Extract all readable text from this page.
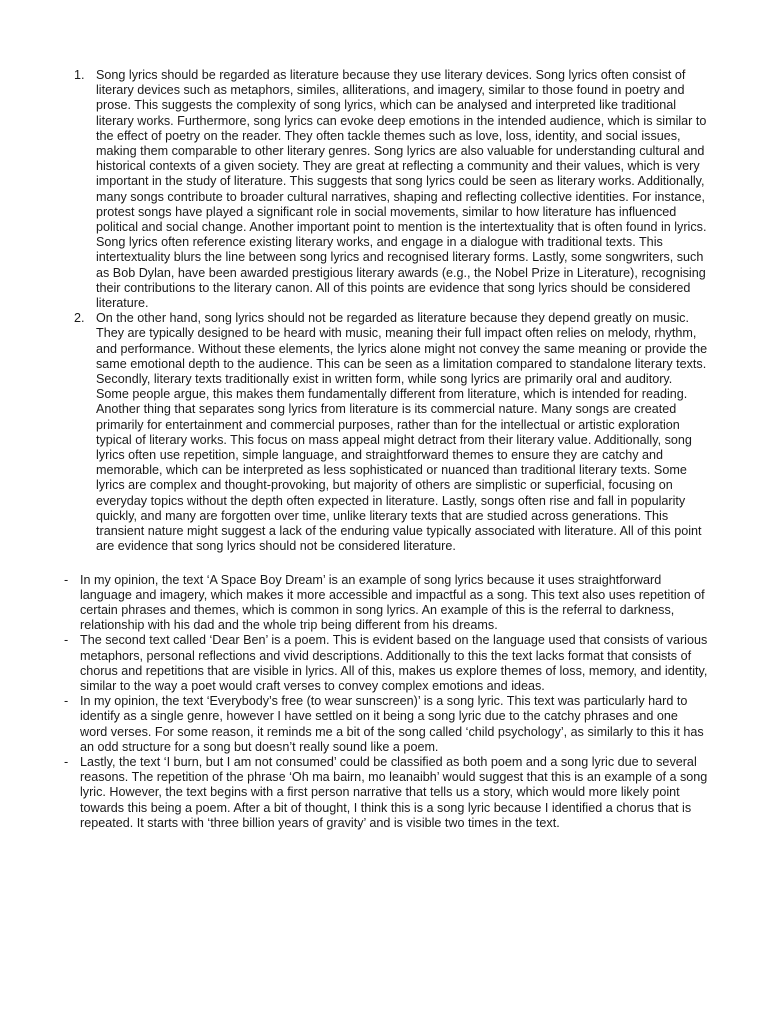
1. Song lyrics should be regarded as literature because they use literary devices. Song lyrics often consist of literary devices such as metaphors, similes, alliterations, and imagery, similar to those found in poetry and prose. This suggests the complexity of song lyrics, which can be analysed and interpreted like traditional literary works. Furthermore, song lyrics can evoke deep emotions in the intended audience, which is similar to the effect of poetry on the reader. They often tackle themes such as love, loss, identity, and social issues, making them comparable to other literary genres. Song lyrics are also valuable for understanding cultural and historical contexts of a given society. They are great at reflecting a community and their values, which is very important in the study of literature. This suggests that song lyrics could be seen as literary works. Additionally, many songs contribute to broader cultural narratives, shaping and reflecting collective identities. For instance, protest songs have played a significant role in social movements, similar to how literature has influenced political and social change. Another important point to mention is the intertextuality that is often found in lyrics. Song lyrics often reference existing literary works, and engage in a dialogue with traditional texts. This intertextuality blurs the line between song lyrics and recognised literary forms. Lastly, some songwriters, such as Bob Dylan, have been awarded prestigious literary awards (e.g., the Nobel Prize in Literature), recognising their contributions to the literary canon. All of this points are evidence that song lyrics should be considered literature.
2. On the other hand, song lyrics should not be regarded as literature because they depend greatly on music. They are typically designed to be heard with music, meaning their full impact often relies on melody, rhythm, and performance. Without these elements, the lyrics alone might not convey the same meaning or provide the same emotional depth to the audience. This can be seen as a limitation compared to standalone literary texts. Secondly, literary texts traditionally exist in written form, while song lyrics are primarily oral and auditory. Some people argue, this makes them fundamentally different from literature, which is intended for reading. Another thing that separates song lyrics from literature is its commercial nature. Many songs are created primarily for entertainment and commercial purposes, rather than for the intellectual or artistic exploration typical of literary works. This focus on mass appeal might detract from their literary value. Additionally, song lyrics often use repetition, simple language, and straightforward themes to ensure they are catchy and memorable, which can be interpreted as less sophisticated or nuanced than traditional literary texts. Some lyrics are complex and thought-provoking, but majority of others are simplistic or superficial, focusing on everyday topics without the depth often expected in literature. Lastly, songs often rise and fall in popularity quickly, and many are forgotten over time, unlike literary texts that are studied across generations. This transient nature might suggest a lack of the enduring value typically associated with literature. All of this point are evidence that song lyrics should not be considered literature.
- In my opinion, the text ‘A Space Boy Dream’ is an example of song lyrics because it uses straightforward language and imagery, which makes it more accessible and impactful as a song. This text also uses repetition of certain phrases and themes, which is common in song lyrics. An example of this is the referral to darkness, relationship with his dad and the whole trip being different from his dreams.
- The second text called ‘Dear Ben’ is a poem. This is evident based on the language used that consists of various metaphors, personal reflections and vivid descriptions. Additionally to this the text lacks format that consists of chorus and repetitions that are visible in lyrics. All of this, makes us explore themes of loss, memory, and identity, similar to the way a poet would craft verses to convey complex emotions and ideas.
- In my opinion, the text ‘Everybody’s free (to wear sunscreen)’ is a song lyric. This text was particularly hard to identify as a single genre, however I have settled on it being a song lyric due to the catchy phrases and one word verses. For some reason, it reminds me a bit of the song called ‘child psychology’, as similarly to this it has an odd structure for a song but doesn’t really sound like a poem.
- Lastly, the text ‘I burn, but I am not consumed’ could be classified as both poem and a song lyric due to several reasons. The repetition of the phrase ‘Oh ma bairn, mo leanaibh’ would suggest that this is an example of a song lyric. However, the text begins with a first person narrative that tells us a story, which would more likely point towards this being a poem. After a bit of thought, I think this is a song lyric because I identified a chorus that is repeated. It starts with ‘three billion years of gravity’ and is visible two times in the text.
